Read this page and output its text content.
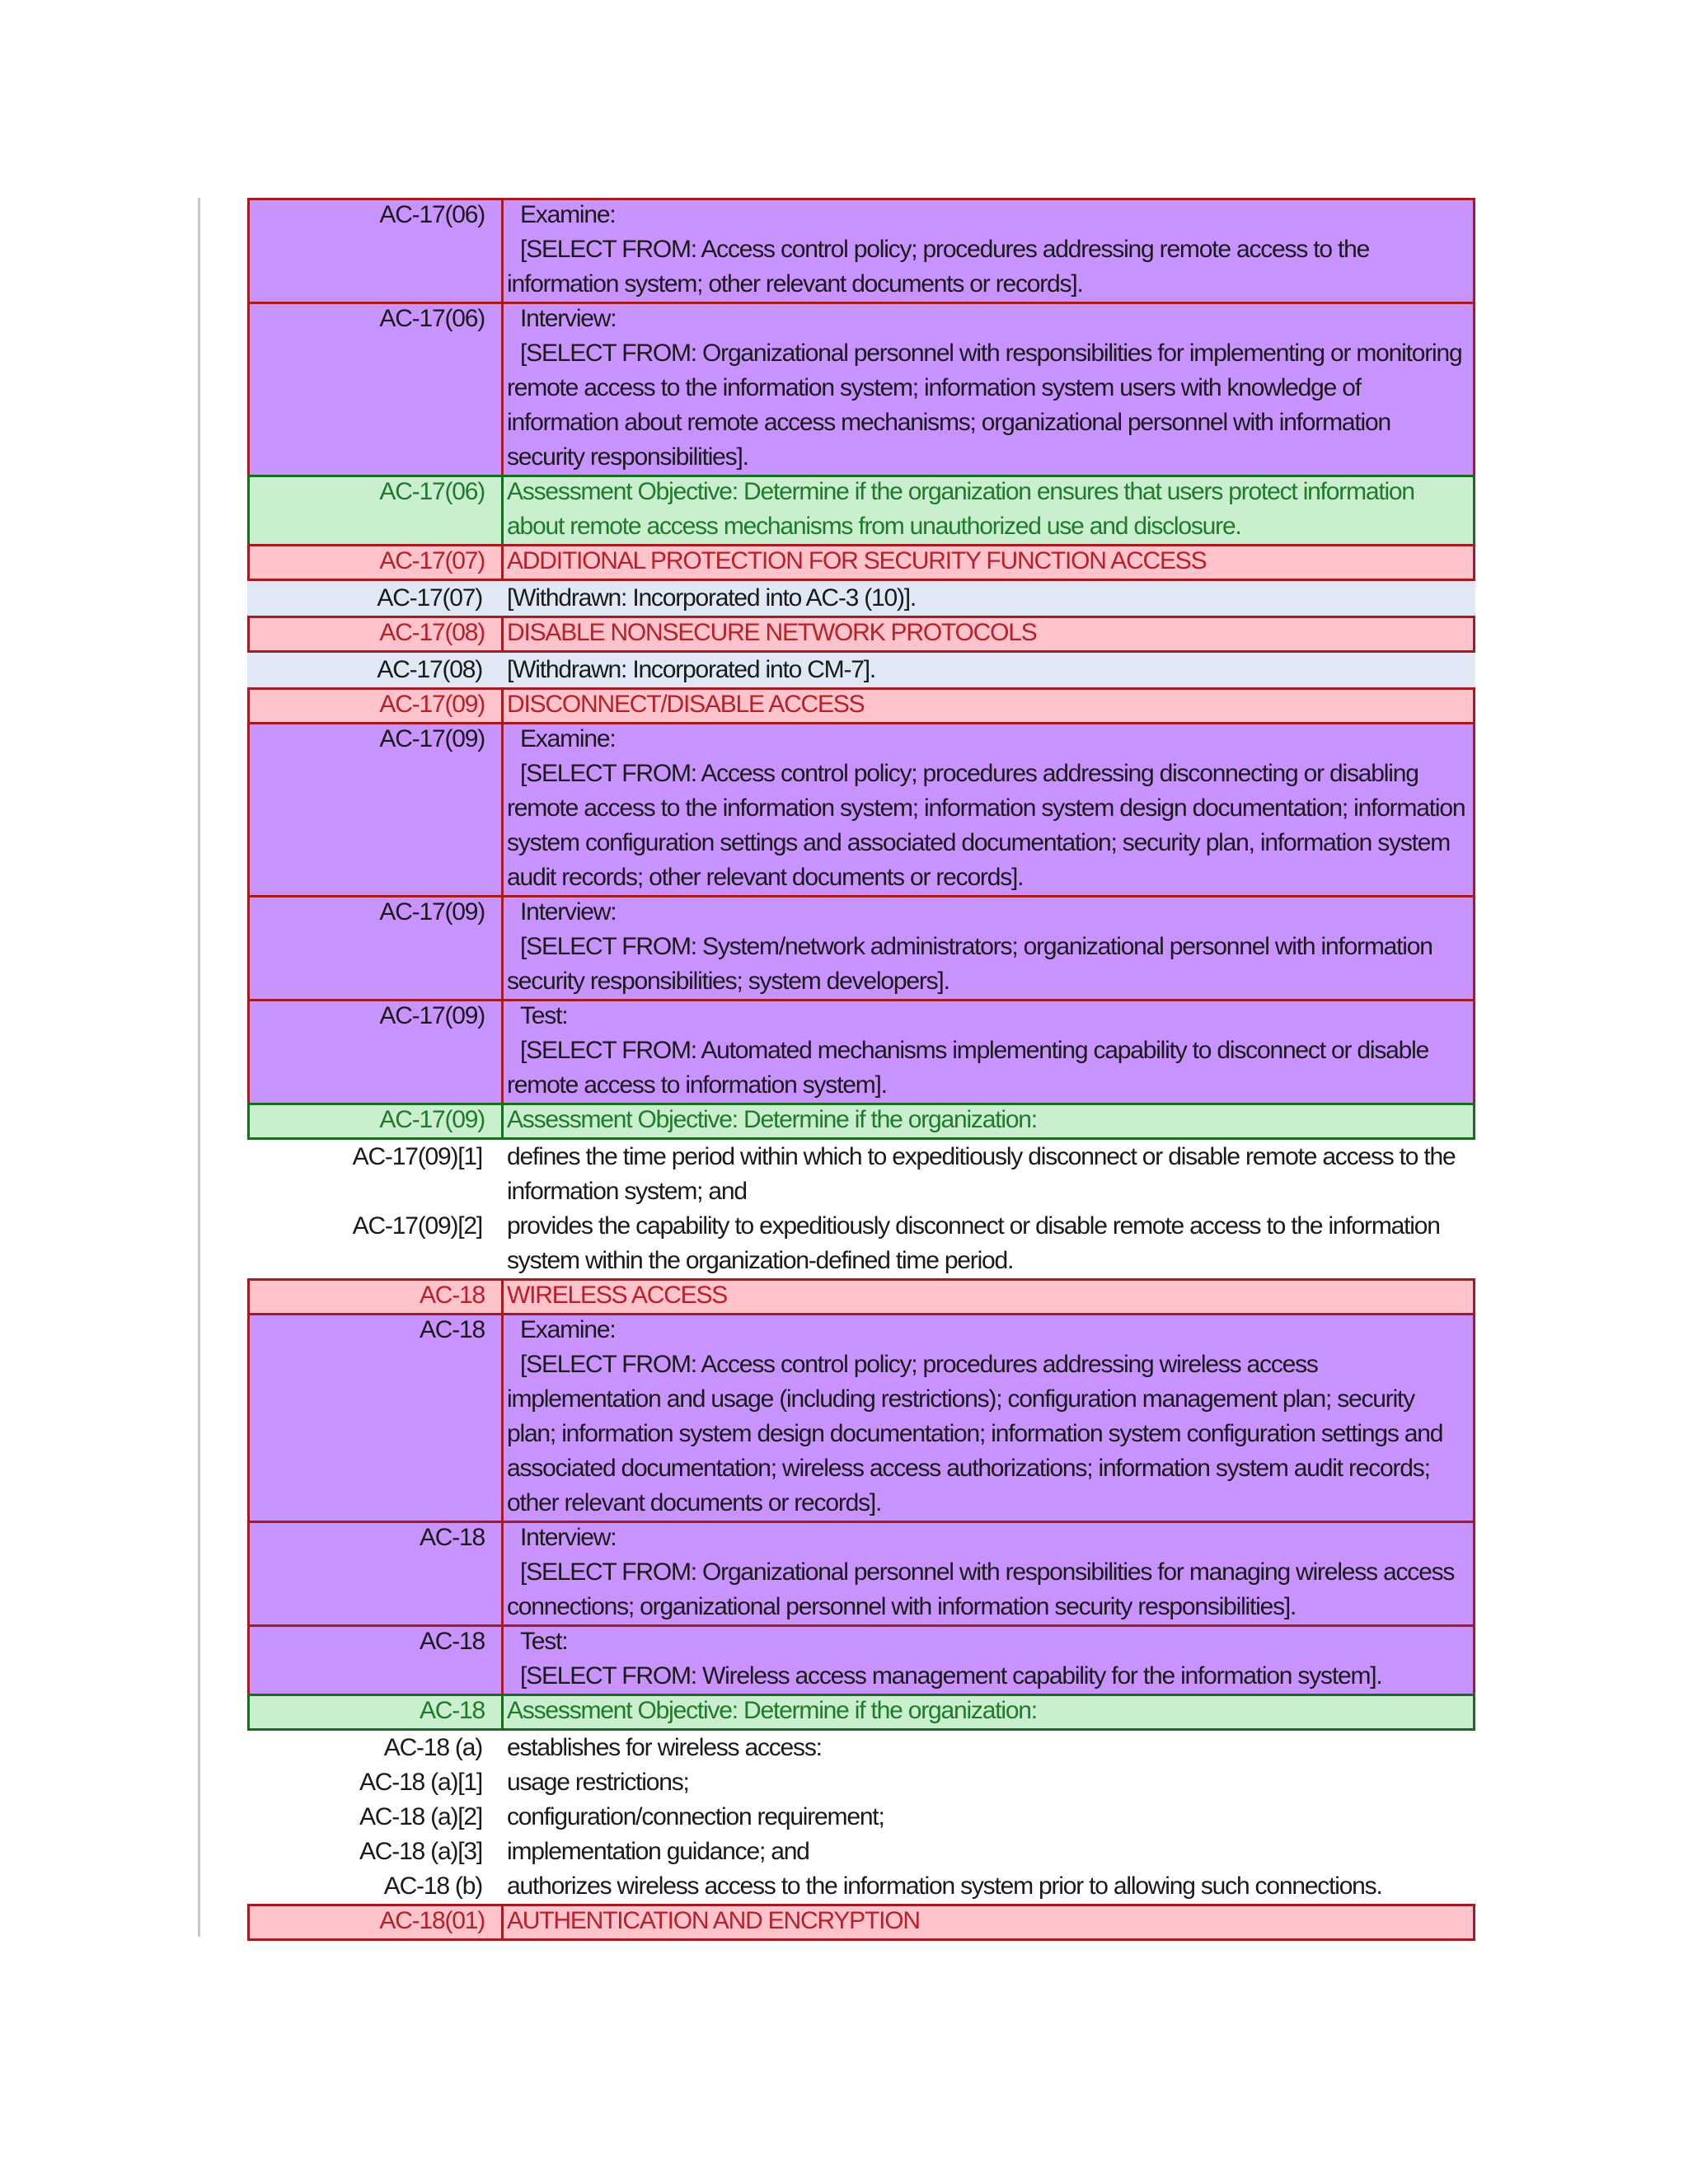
AC-17(06)	Examine:
[SELECT FROM: Access control policy; procedures addressing remote access to the
information system; other relevant documents or records].
AC-17(06)	Interview:
[SELECT FROM: Organizational personnel with responsibilities for implementing or monitoring
remote access to the information system; information system users with knowledge of
information about remote access mechanisms; organizational personnel with information
security responsibilities].
AC-17(06) Assessment Objective: Determine if the organization ensures that users protect information
about remote access mechanisms from unauthorized use and disclosure.
AC-17(07) ADDITIONAL PROTECTION FOR SECURITY FUNCTION ACCESS
AC-17(07) [Withdrawn: Incorporated into AC-3 (10)].
AC-17(08) DISABLE NONSECURE NETWORK PROTOCOLS
AC-17(08) [Withdrawn: Incorporated into CM-7].
AC-17(09) DISCONNECT/DISABLE ACCESS
AC-17(09)	Examine:
[SELECT FROM: Access control policy; procedures addressing disconnecting or disabling
remote access to the information system; information system design documentation; information
system configuration settings and associated documentation; security plan, information system
audit records; other relevant documents or records].
AC-17(09)	Interview:
[SELECT FROM: System/network administrators; organizational personnel with information
security responsibilities; system developers].
AC-17(09)	Test:
[SELECT FROM: Automated mechanisms implementing capability to disconnect or disable
remote access to information system].
AC-17(09) Assessment Objective: Determine if the organization:
AC-17(09)[1] defines the time period within which to expeditiously disconnect or disable remote access to the
information system; and
AC-17(09)[2] provides the capability to expeditiously disconnect or disable remote access to the information
system within the organization-defined time period.
AC-18 WIRELESS ACCESS
AC-18	Examine:
[SELECT FROM: Access control policy; procedures addressing wireless access
implementation and usage (including restrictions); configuration management plan; security
plan; information system design documentation; information system configuration settings and
associated documentation; wireless access authorizations; information system audit records;
other relevant documents or records].
AC-18	Interview:
[SELECT FROM: Organizational personnel with responsibilities for managing wireless access
connections; organizational personnel with information security responsibilities].
AC-18	Test:
[SELECT FROM: Wireless access management capability for the information system].
AC-18 Assessment Objective: Determine if the organization:
AC-18 (a) establishes for wireless access:
AC-18 (a)[1] usage restrictions;
AC-18 (a)[2] configuration/connection requirement;
AC-18 (a)[3] implementation guidance; and
AC-18 (b) authorizes wireless access to the information system prior to allowing such connections.
AC-18(01) AUTHENTICATION AND ENCRYPTION
